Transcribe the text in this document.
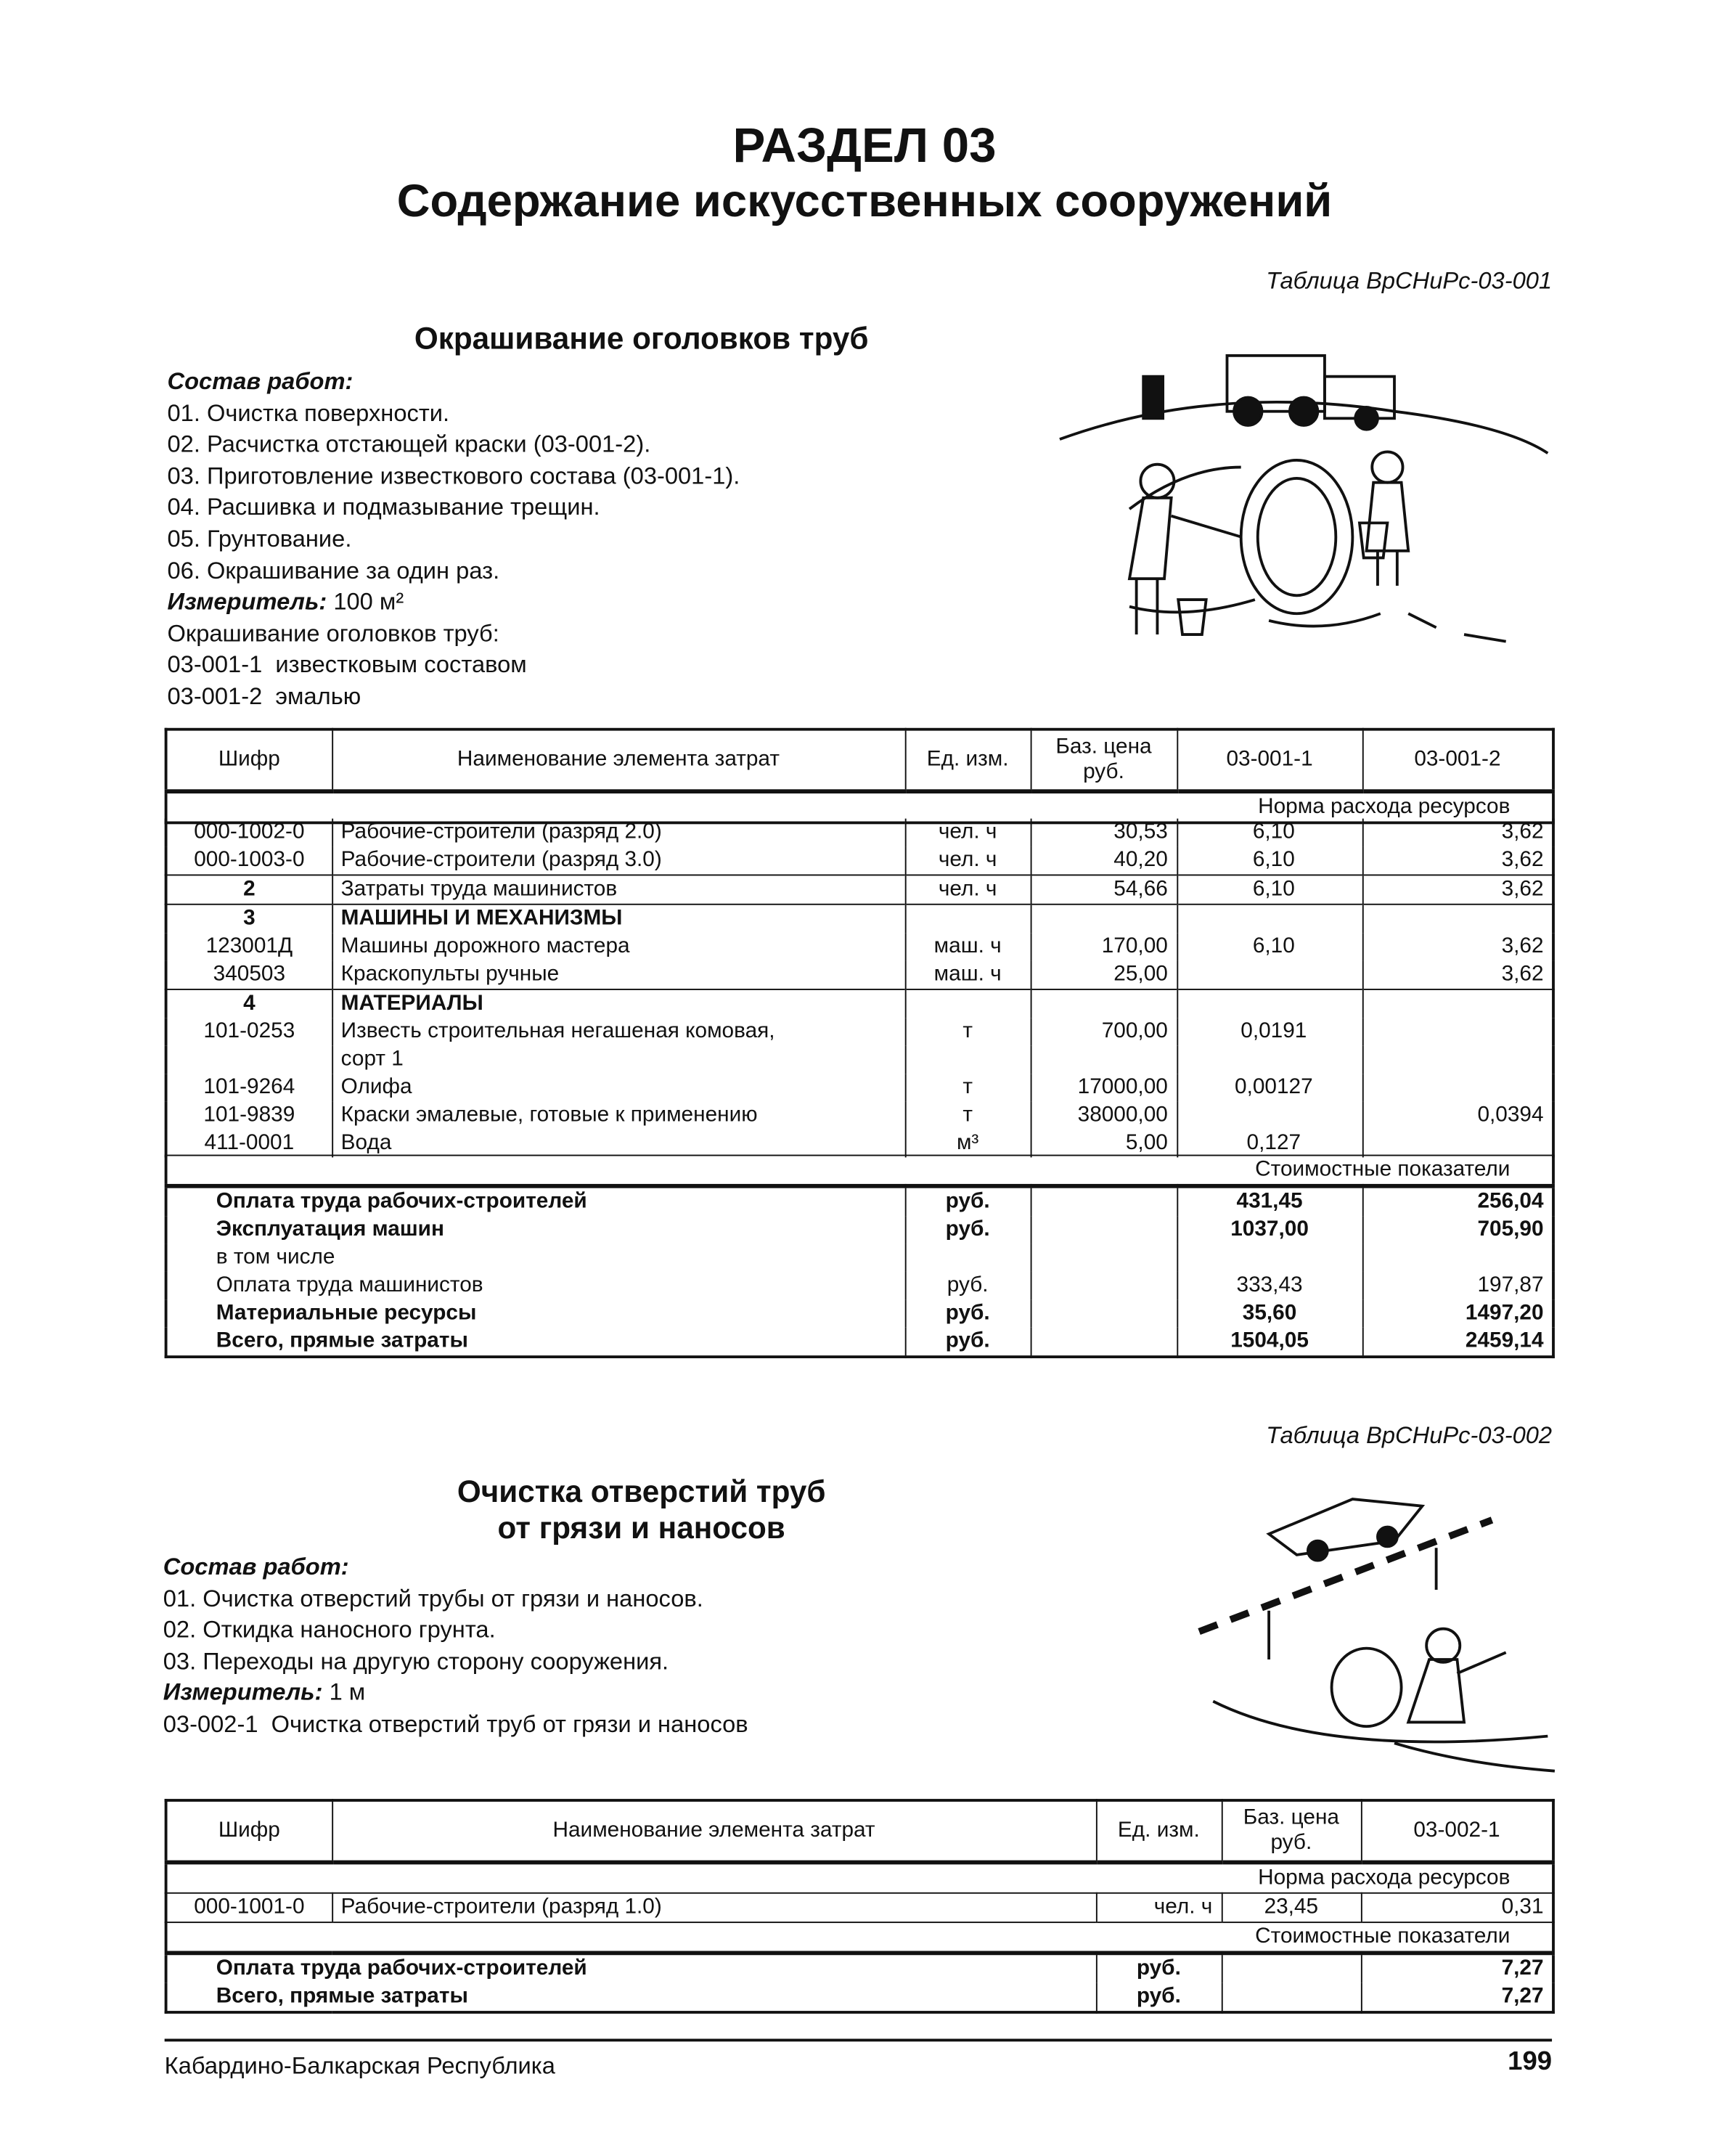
РАЗДЕЛ 03
Содержание искусственных сооружений
Таблица ВрСНиРс-03-001
Окрашивание оголовков труб
Состав работ:
01. Очистка поверхности.
02. Расчистка отстающей краски (03-001-2).
03. Приготовление известкового состава (03-001-1).
04. Расшивка и подмазывание трещин.
05. Грунтование.
06. Окрашивание за один раз.
Измеритель: 100 м²
Окрашивание оголовков труб:
03-001-1  известковым составом
03-001-2  эмалью
Шифр	Наименование элемента затрат	Ед. изм.	Баз. цена руб.	03-001-1	03-001-2
Норма расхода ресурсов
000-1002-0	Рабочие-строители (разряд 2.0)	чел. ч	30,53	6,10	3,62
000-1003-0	Рабочие-строители (разряд 3.0)	чел. ч	40,20	6,10	3,62
2	Затраты труда машинистов	чел. ч	54,66	6,10	3,62
3	МАШИНЫ И МЕХАНИЗМЫ				
123001Д	Машины дорожного мастера	маш. ч	170,00	6,10	3,62
340503	Краскопульты ручные	маш. ч	25,00		3,62
4	МАТЕРИАЛЫ				
101-0253	Известь строительная негашеная комовая,	т	700,00	0,0191	
	сорт 1				
101-9264	Олифа	т	17000,00	0,00127	
101-9839	Краски эмалевые, готовые к применению	т	38000,00		0,0394
411-0001	Вода	м³	5,00	0,127	
Стоимостные показатели				
Оплата труда рабочих-строителей	руб.		431,45	256,04
Эксплуатация машин	руб.		1037,00	705,90
в том числе				
Оплата труда машинистов	руб.		333,43	197,87
Материальные ресурсы	руб.		35,60	1497,20
Всего, прямые затраты	руб.		1504,05	2459,14
Таблица ВрСНиРс-03-002
Очистка отверстий труб
от грязи и наносов
Состав работ:
01. Очистка отверстий трубы от грязи и наносов.
02. Откидка наносного грунта.
03. Переходы на другую сторону сооружения.
Измеритель: 1 м
03-002-1  Очистка отверстий труб от грязи и наносов
Шифр	Наименование элемента затрат	Ед. изм.	Баз. цена руб.	03-002-1
Норма расхода ресурсов				
000-1001-0	Рабочие-строители (разряд 1.0)	чел. ч	23,45	0,31
Стоимостные показатели				
Оплата труда рабочих-строителей		руб.		7,27
Всего, прямые затраты		руб.		7,27
Кабардино-Балкарская Республика	199
